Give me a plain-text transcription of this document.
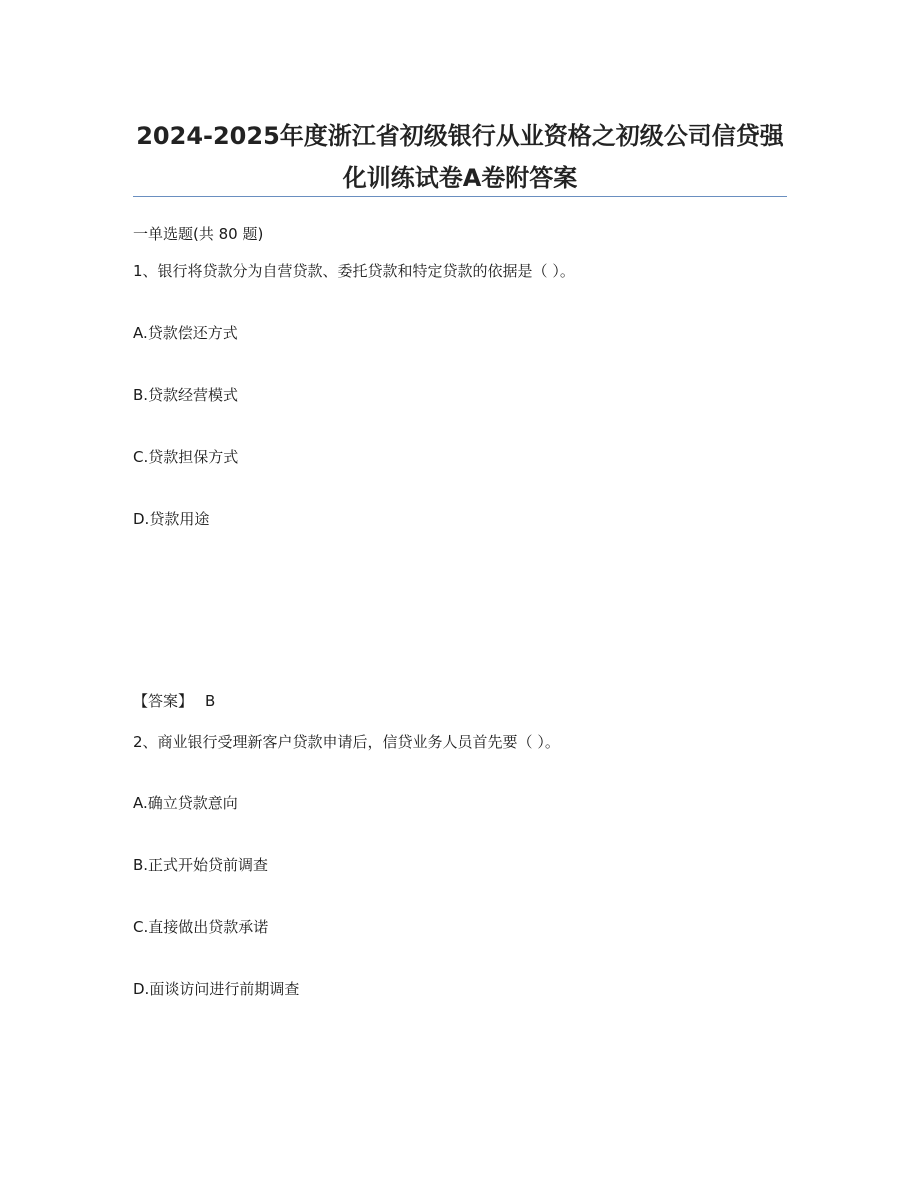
2024-2025年度浙江省初级银行从业资格之初级公司信贷强
化训练试卷A卷附答案
一单选题(共 80 题)
1、银行将贷款分为自营贷款、委托贷款和特定贷款的依据是（ ）。
A.贷款偿还方式
B.贷款经营模式
C.贷款担保方式
D.贷款用途
【答案】 B
2、商业银行受理新客户贷款申请后，信贷业务人员首先要（ ）。
A.确立贷款意向
B.正式开始贷前调查
C.直接做出贷款承诺
D.面谈访问进行前期调查
